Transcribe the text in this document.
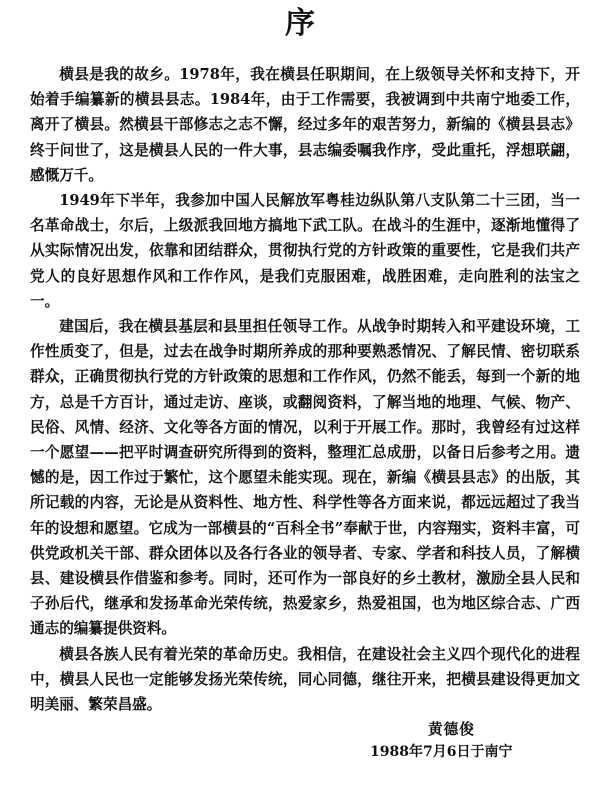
序

横县是我的故乡。1978年，我在横县任职期间，在上级领导关怀和支持下，开始着手编纂新的横县县志。1984年，由于工作需要，我被调到中共南宁地委工作，离开了横县。然横县干部修志之志不懈，经过多年的艰苦努力，新编的《横县县志》终于问世了，这是横县人民的一件大事，县志编委嘱我作序，受此重托，浮想联翩，感慨万千。

1949年下半年，我参加中国人民解放军粤桂边纵队第八支队第二十三团，当一名革命战士，尔后，上级派我回地方搞地下武工队。在战斗的生涯中，逐渐地懂得了从实际情况出发，依靠和团结群众，贯彻执行党的方针政策的重要性，它是我们共产党人的良好思想作风和工作作风，是我们克服困难，战胜困难，走向胜利的法宝之一。

建国后，我在横县基层和县里担任领导工作。从战争时期转入和平建设环境，工作性质变了，但是，过去在战争时期所养成的那种要熟悉情况、了解民情、密切联系群众，正确贯彻执行党的方针政策的思想和工作作风，仍然不能丢，每到一个新的地方，总是千方百计，通过走访、座谈，或翻阅资料，了解当地的地理、气候、物产、民俗、风情、经济、文化等各方面的情况，以利于开展工作。那时，我曾经有过这样一个愿望——把平时调查研究所得到的资料，整理汇总成册，以备日后参考之用。遗憾的是，因工作过于繁忙，这个愿望未能实现。现在，新编《横县县志》的出版，其所记载的内容，无论是从资料性、地方性、科学性等各方面来说，都远远超过了我当年的设想和愿望。它成为一部横县的“百科全书”奉献于世，内容翔实，资料丰富，可供党政机关干部、群众团体以及各行各业的领导者、专家、学者和科技人员，了解横县、建设横县作借鉴和参考。同时，还可作为一部良好的乡土教材，激励全县人民和子孙后代，继承和发扬革命光荣传统，热爱家乡，热爱祖国，也为地区综合志、广西通志的编纂提供资料。

横县各族人民有着光荣的革命历史。我相信，在建设社会主义四个现代化的进程中，横县人民也一定能够发扬光荣传统，同心同德，继往开来，把横县建设得更加文明美丽、繁荣昌盛。

黄德俊
1988年7月6日于南宁
